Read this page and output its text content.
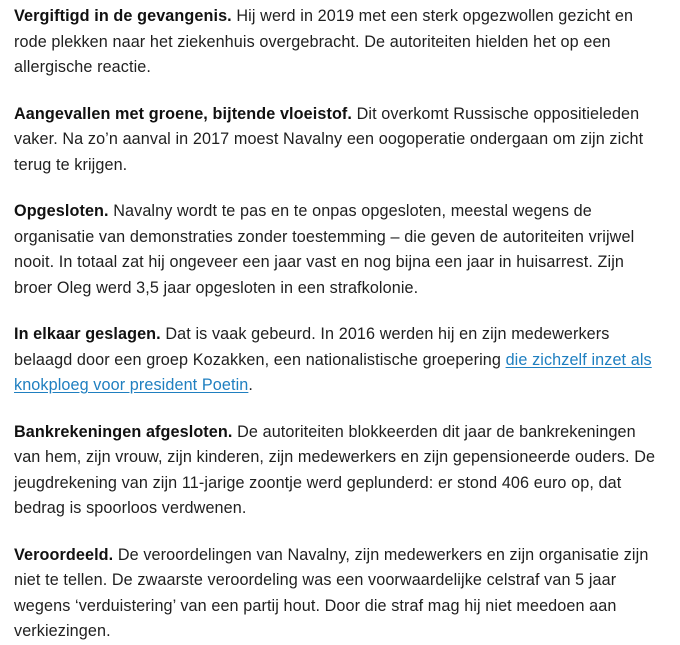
Vergiftigd in de gevangenis. Hij werd in 2019 met een sterk opgezwollen gezicht en rode plekken naar het ziekenhuis overgebracht. De autoriteiten hielden het op een allergische reactie.

Aangevallen met groene, bijtende vloeistof. Dit overkomt Russische oppositieleden vaker. Na zo’n aanval in 2017 moest Navalny een oogoperatie ondergaan om zijn zicht terug te krijgen.

Opgesloten. Navalny wordt te pas en te onpas opgesloten, meestal wegens de organisatie van demonstraties zonder toestemming – die geven de autoriteiten vrijwel nooit. In totaal zat hij ongeveer een jaar vast en nog bijna een jaar in huisarrest. Zijn broer Oleg werd 3,5 jaar opgesloten in een strafkolonie.

In elkaar geslagen. Dat is vaak gebeurd. In 2016 werden hij en zijn medewerkers belaagd door een groep Kozakken, een nationalistische groepering die zichzelf inzet als knokploeg voor president Poetin.

Bankrekeningen afgesloten. De autoriteiten blokkeerden dit jaar de bankrekeningen van hem, zijn vrouw, zijn kinderen, zijn medewerkers en zijn gepensioneerde ouders. De jeugdrekening van zijn 11-jarige zoontje werd geplunderd: er stond 406 euro op, dat bedrag is spoorloos verdwenen.

Veroordeeld. De veroordelingen van Navalny, zijn medewerkers en zijn organisatie zijn niet te tellen. De zwaarste veroordeling was een voorwaardelijke celstraf van 5 jaar wegens ‘verduistering’ van een partij hout. Door die straf mag hij niet meedoen aan verkiezingen.
